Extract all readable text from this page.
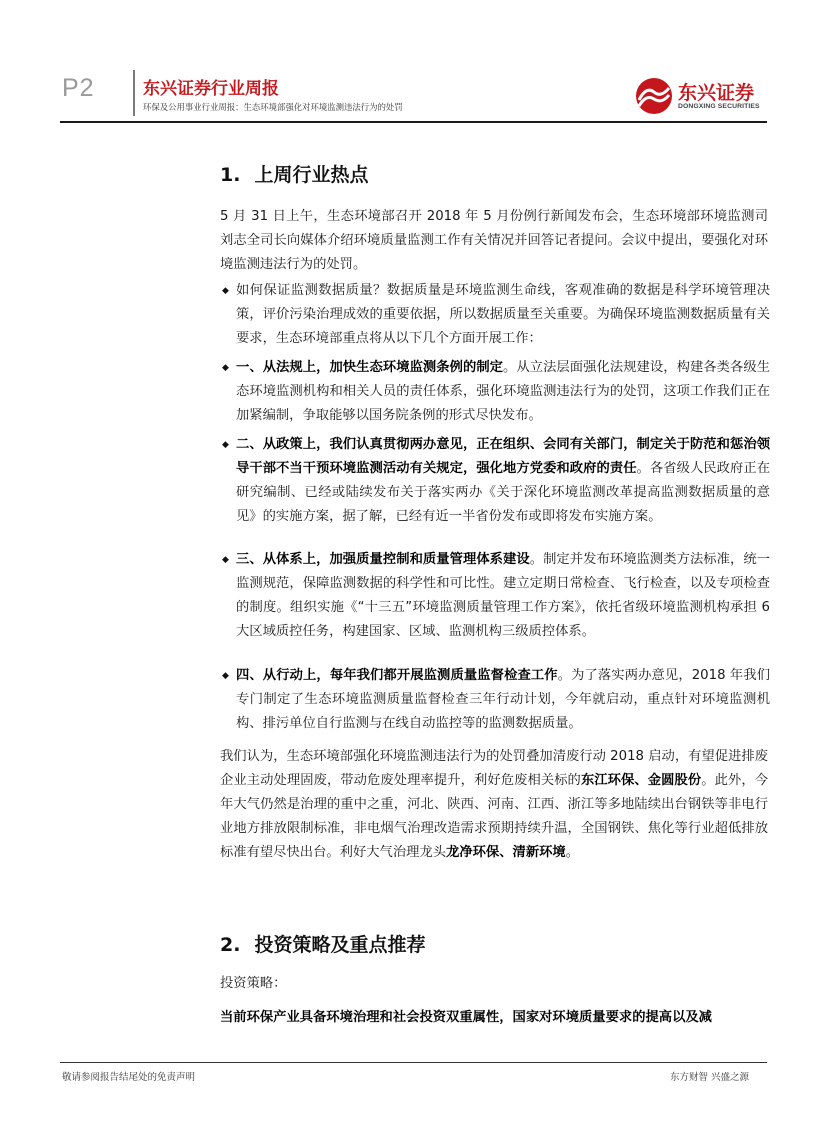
P2	东兴证券行业周报
环保及公用事业行业周报：生态环境部强化对环境监测违法行为的处罚
东兴证券
DONGXING SECURITIES
1. 上周行业热点
5 月 31 日上午，生态环境部召开 2018 年 5 月份例行新闻发布会，生态环境部环境监测司刘志全司长向媒体介绍环境质量监测工作有关情况并回答记者提问。会议中提出，要强化对环境监测违法行为的处罚。
◆ 如何保证监测数据质量？数据质量是环境监测生命线，客观准确的数据是科学环境管理决策，评价污染治理成效的重要依据，所以数据质量至关重要。为确保环境监测数据质量有关要求，生态环境部重点将从以下几个方面开展工作：
◆ 一、从法规上，加快生态环境监测条例的制定。从立法层面强化法规建设，构建各类各级生态环境监测机构和相关人员的责任体系，强化环境监测违法行为的处罚，这项工作我们正在加紧编制，争取能够以国务院条例的形式尽快发布。
◆ 二、从政策上，我们认真贯彻两办意见，正在组织、会同有关部门，制定关于防范和惩治领导干部不当干预环境监测活动有关规定，强化地方党委和政府的责任。各省级人民政府正在研究编制、已经或陆续发布关于落实两办《关于深化环境监测改革提高监测数据质量的意见》的实施方案，据了解，已经有近一半省份发布或即将发布实施方案。
◆ 三、从体系上，加强质量控制和质量管理体系建设。制定并发布环境监测类方法标准，统一监测规范，保障监测数据的科学性和可比性。建立定期日常检查、飞行检查，以及专项检查的制度。组织实施《“十三五”环境监测质量管理工作方案》，依托省级环境监测机构承担 6 大区域质控任务，构建国家、区域、监测机构三级质控体系。
◆ 四、从行动上，每年我们都开展监测质量监督检查工作。为了落实两办意见，2018 年我们专门制定了生态环境监测质量监督检查三年行动计划，今年就启动，重点针对环境监测机构、排污单位自行监测与在线自动监控等的监测数据质量。
我们认为，生态环境部强化环境监测违法行为的处罚叠加清废行动 2018 启动，有望促进排废企业主动处理固废，带动危废处理率提升，利好危废相关标的东江环保、金圆股份。此外，今年大气仍然是治理的重中之重，河北、陕西、河南、江西、浙江等多地陆续出台钢铁等非电行业地方排放限制标准，非电烟气治理改造需求预期持续升温，全国钢铁、焦化等行业超低排放标准有望尽快出台。利好大气治理龙头龙净环保、清新环境。
2. 投资策略及重点推荐
投资策略：
当前环保产业具备环境治理和社会投资双重属性，国家对环境质量要求的提高以及减
敬请参阅报告结尾处的免责声明	东方财智 兴盛之源
